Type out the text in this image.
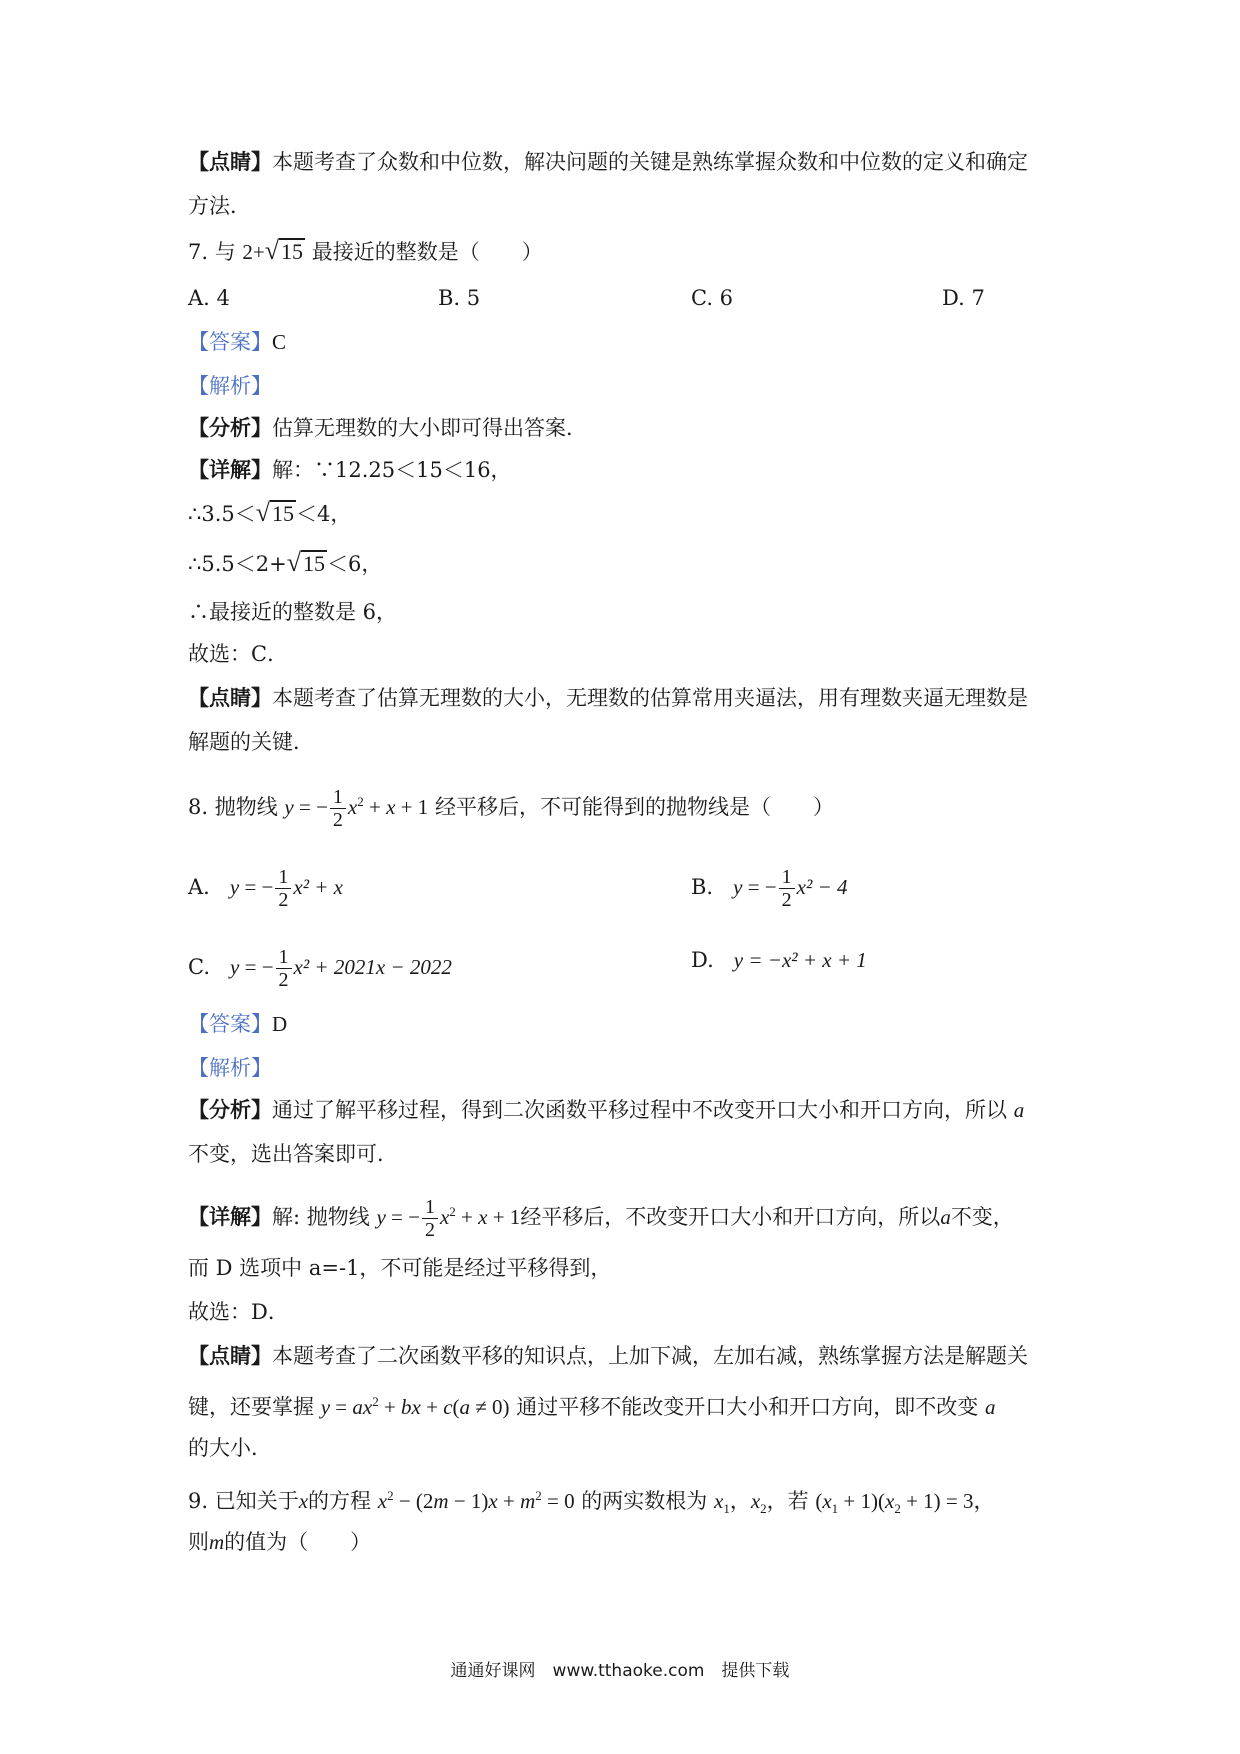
【点睛】本题考查了众数和中位数，解决问题的关键是熟练掌握众数和中位数的定义和确定
方法．
7. 与 2+ √ 15 最接近的整数是（　　）
A. 4	B. 5	C. 6	D. 7
【答案】C
【解析】
【分析】估算无理数的大小即可得出答案．
【详解】解：∵12.25＜15＜16，
∴3.5＜ √ 15 ＜4，
∴5.5＜2+ √ 15 ＜6，
∴最接近的整数是 6，
故选：C．
【点睛】本题考查了估算无理数的大小，无理数的估算常用夹逼法，用有理数夹逼无理数是
解题的关键．
8. 抛物线 y = − $\frac{1}{2} x^2 + x + 1$ 经平移后，不可能得到的抛物线是（　　）
A. y = − $\frac{1}{2} x^2 + x$	B. y = − $\frac{1}{2} x^2 - 4$
C. y = − $\frac{1}{2} x^2 + 2021x - 2022$	D. y = −x² + x + 1
【答案】D
【解析】
【分析】通过了解平移过程，得到二次函数平移过程中不改变开口大小和开口方向，所以 a
不变，选出答案即可．
【详解】解: 抛物线 y = − $\frac{1}{2} x^2 + x + 1$经平移后，不改变开口大小和开口方向，所以a不变，
而 D 选项中 a=-1，不可能是经过平移得到，
故选：D．
【点睛】本题考查了二次函数平移的知识点，上加下减，左加右减，熟练掌握方法是解题关
键，还要掌握 $y = ax^2$ + bx + c(a ≠ 0) 通过平移不能改变开口大小和开口方向，即不改变 a
的大小．
9. 已知关于x的方程 $x^2 - (2m - 1)x + m^2 = 0$ 的两实数根为 $x_1$，$x_2$，若 $(x_1 + 1)(x_2 + 1) = 3$，
则m的值为（　　）
通通好课网　www.tthaoke.com　提供下载
